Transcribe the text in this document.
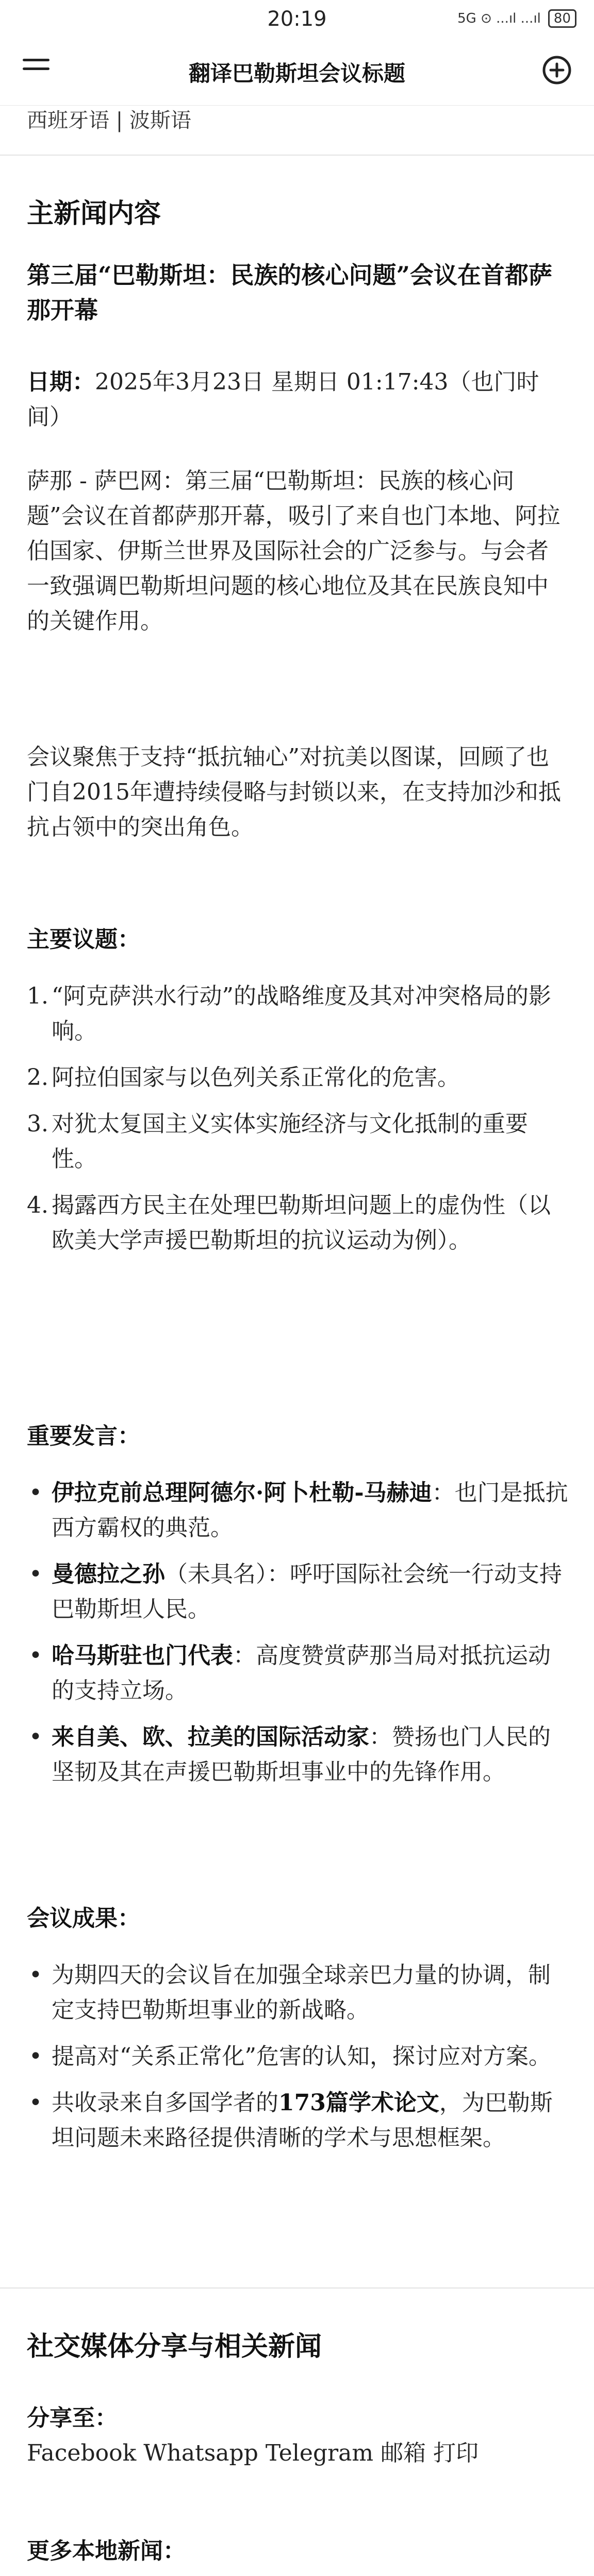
20:19	5G ⊙ ...ıl ...ıl 80
翻译巴勒斯坦会议标题
西班牙语 | 波斯语
主新闻内容
第三届“巴勒斯坦：民族的核心问题”会议在首都萨那开幕
日期：2025年3月23日 星期日 01:17:43（也门时间）
萨那 - 萨巴网：第三届“巴勒斯坦：民族的核心问题”会议在首都萨那开幕，吸引了来自也门本地、阿拉伯国家、伊斯兰世界及国际社会的广泛参与。与会者一致强调巴勒斯坦问题的核心地位及其在民族良知中的关键作用。
会议聚焦于支持“抵抗轴心”对抗美以图谋，回顾了也门自2015年遭持续侵略与封锁以来，在支持加沙和抵抗占领中的突出角色。
主要议题：
1. “阿克萨洪水行动”的战略维度及其对冲突格局的影响。
2. 阿拉伯国家与以色列关系正常化的危害。
3. 对犹太复国主义实体实施经济与文化抵制的重要性。
4. 揭露西方民主在处理巴勒斯坦问题上的虚伪性（以欧美大学声援巴勒斯坦的抗议运动为例）。
重要发言：
• 伊拉克前总理阿德尔·阿卜杜勒-马赫迪：也门是抵抗西方霸权的典范。
• 曼德拉之孙（未具名）：呼吁国际社会统一行动支持巴勒斯坦人民。
• 哈马斯驻也门代表：高度赞赏萨那当局对抵抗运动的支持立场。
• 来自美、欧、拉美的国际活动家：赞扬也门人民的坚韧及其在声援巴勒斯坦事业中的先锋作用。
会议成果：
• 为期四天的会议旨在加强全球亲巴力量的协调，制定支持巴勒斯坦事业的新战略。
• 提高对“关系正常化”危害的认知，探讨应对方案。
• 共收录来自多国学者的173篇学术论文，为巴勒斯坦问题未来路径提供清晰的学术与思想框架。
社交媒体分享与相关新闻
分享至：
Facebook Whatsapp Telegram 邮箱 打印
更多本地新闻：
